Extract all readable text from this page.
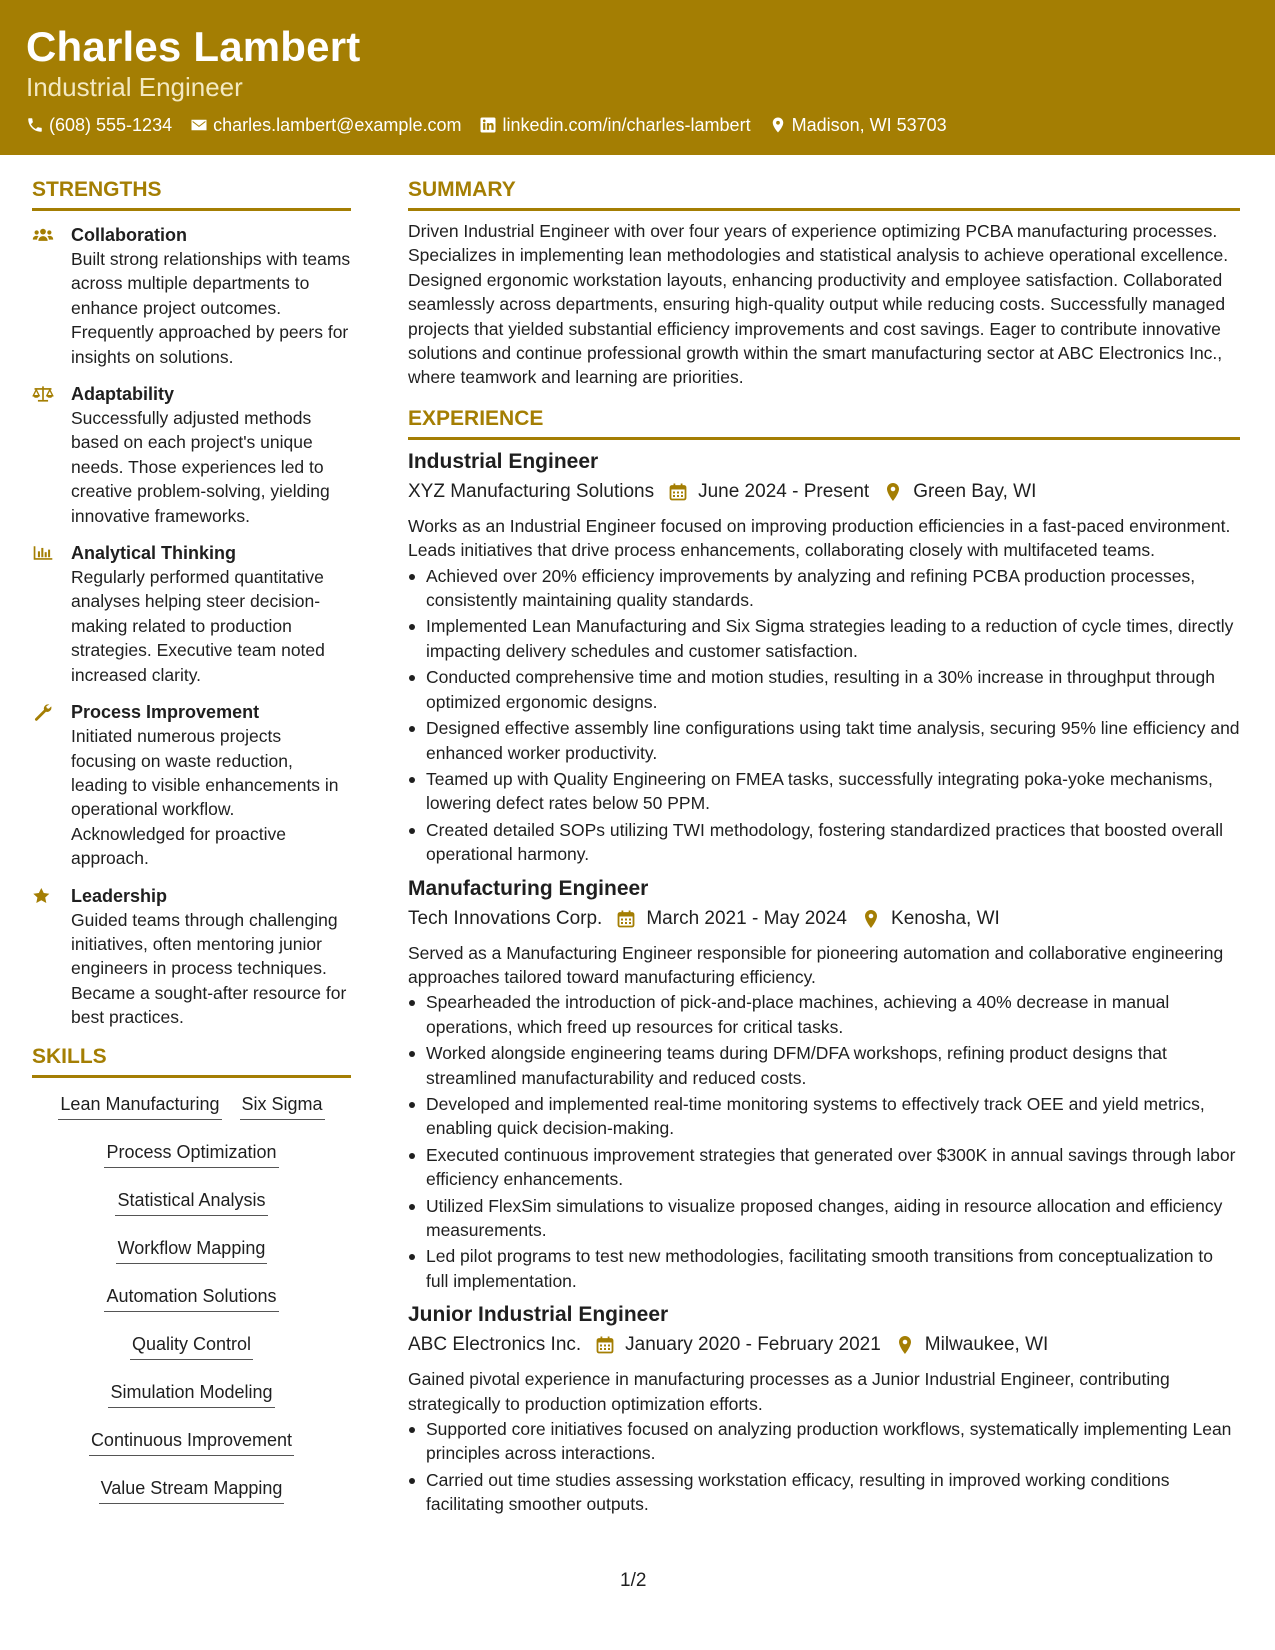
Charles Lambert
Industrial Engineer
(608) 555-1234 charles.lambert@example.com linkedin.com/in/charles-lambert Madison, WI 53703
STRENGTHS
Collaboration
Built strong relationships with teams across multiple departments to enhance project outcomes. Frequently approached by peers for insights on solutions.
Adaptability
Successfully adjusted methods based on each project's unique needs. Those experiences led to creative problem-solving, yielding innovative frameworks.
Analytical Thinking
Regularly performed quantitative analyses helping steer decision-making related to production strategies. Executive team noted increased clarity.
Process Improvement
Initiated numerous projects focusing on waste reduction, leading to visible enhancements in operational workflow. Acknowledged for proactive approach.
Leadership
Guided teams through challenging initiatives, often mentoring junior engineers in process techniques. Became a sought-after resource for best practices.
SKILLS
Lean Manufacturing Six Sigma
Process Optimization
Statistical Analysis
Workflow Mapping
Automation Solutions
Quality Control
Simulation Modeling
Continuous Improvement
Value Stream Mapping
SUMMARY
Driven Industrial Engineer with over four years of experience optimizing PCBA manufacturing processes. Specializes in implementing lean methodologies and statistical analysis to achieve operational excellence. Designed ergonomic workstation layouts, enhancing productivity and employee satisfaction. Collaborated seamlessly across departments, ensuring high-quality output while reducing costs. Successfully managed projects that yielded substantial efficiency improvements and cost savings. Eager to contribute innovative solutions and continue professional growth within the smart manufacturing sector at ABC Electronics Inc., where teamwork and learning are priorities.
EXPERIENCE
Industrial Engineer
XYZ Manufacturing Solutions June 2024 - Present Green Bay, WI
Works as an Industrial Engineer focused on improving production efficiencies in a fast-paced environment. Leads initiatives that drive process enhancements, collaborating closely with multifaceted teams.
Achieved over 20% efficiency improvements by analyzing and refining PCBA production processes, consistently maintaining quality standards.
Implemented Lean Manufacturing and Six Sigma strategies leading to a reduction of cycle times, directly impacting delivery schedules and customer satisfaction.
Conducted comprehensive time and motion studies, resulting in a 30% increase in throughput through optimized ergonomic designs.
Designed effective assembly line configurations using takt time analysis, securing 95% line efficiency and enhanced worker productivity.
Teamed up with Quality Engineering on FMEA tasks, successfully integrating poka-yoke mechanisms, lowering defect rates below 50 PPM.
Created detailed SOPs utilizing TWI methodology, fostering standardized practices that boosted overall operational harmony.
Manufacturing Engineer
Tech Innovations Corp. March 2021 - May 2024 Kenosha, WI
Served as a Manufacturing Engineer responsible for pioneering automation and collaborative engineering approaches tailored toward manufacturing efficiency.
Spearheaded the introduction of pick-and-place machines, achieving a 40% decrease in manual operations, which freed up resources for critical tasks.
Worked alongside engineering teams during DFM/DFA workshops, refining product designs that streamlined manufacturability and reduced costs.
Developed and implemented real-time monitoring systems to effectively track OEE and yield metrics, enabling quick decision-making.
Executed continuous improvement strategies that generated over $300K in annual savings through labor efficiency enhancements.
Utilized FlexSim simulations to visualize proposed changes, aiding in resource allocation and efficiency measurements.
Led pilot programs to test new methodologies, facilitating smooth transitions from conceptualization to full implementation.
Junior Industrial Engineer
ABC Electronics Inc. January 2020 - February 2021 Milwaukee, WI
Gained pivotal experience in manufacturing processes as a Junior Industrial Engineer, contributing strategically to production optimization efforts.
Supported core initiatives focused on analyzing production workflows, systematically implementing Lean principles across interactions.
Carried out time studies assessing workstation efficacy, resulting in improved working conditions facilitating smoother outputs.
1/2
